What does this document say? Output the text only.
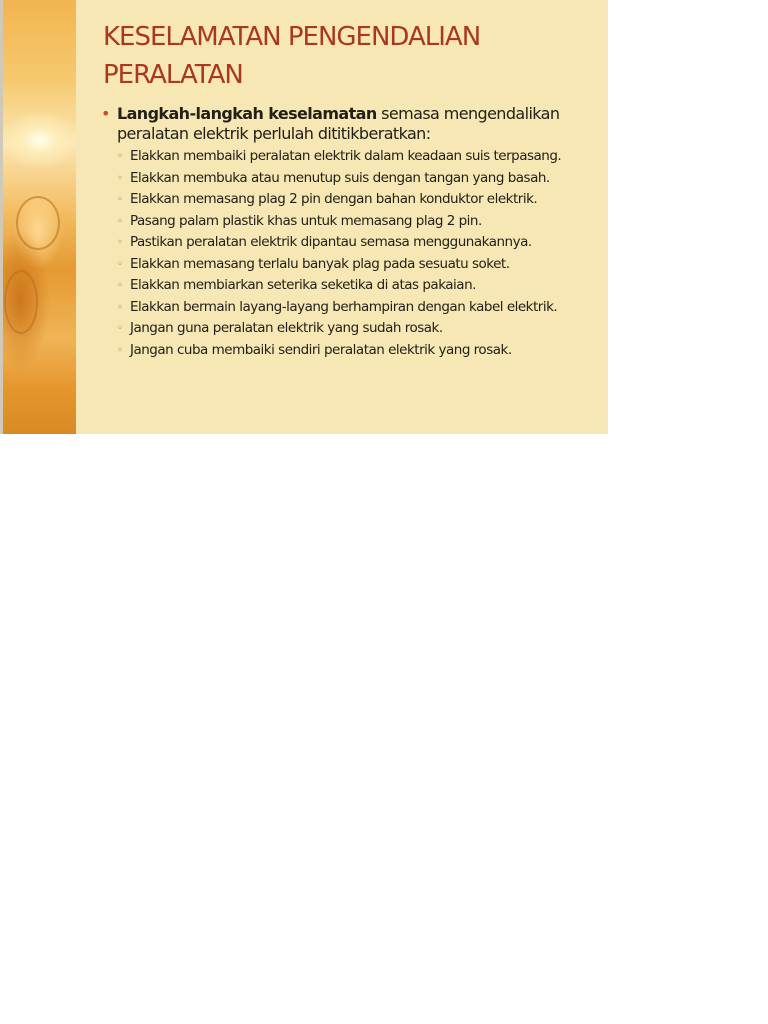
KESELAMATAN PENGENDALIAN PERALATAN
• Langkah-langkah keselamatan semasa mengendalikan peralatan elektrik perlulah dititikberatkan:
◦ Elakkan membaiki peralatan elektrik dalam keadaan suis terpasang.
◦ Elakkan membuka atau menutup suis dengan tangan yang basah.
◦ Elakkan memasang plag 2 pin dengan bahan konduktor elektrik.
◦ Pasang palam plastik khas untuk memasang plag 2 pin.
◦ Pastikan peralatan elektrik dipantau semasa menggunakannya.
◦ Elakkan memasang terlalu banyak plag pada sesuatu soket.
◦ Elakkan membiarkan seterika seketika di atas pakaian.
◦ Elakkan bermain layang-layang berhampiran dengan kabel elektrik.
◦ Jangan guna peralatan elektrik yang sudah rosak.
◦ Jangan cuba membaiki sendiri peralatan elektrik yang rosak.
